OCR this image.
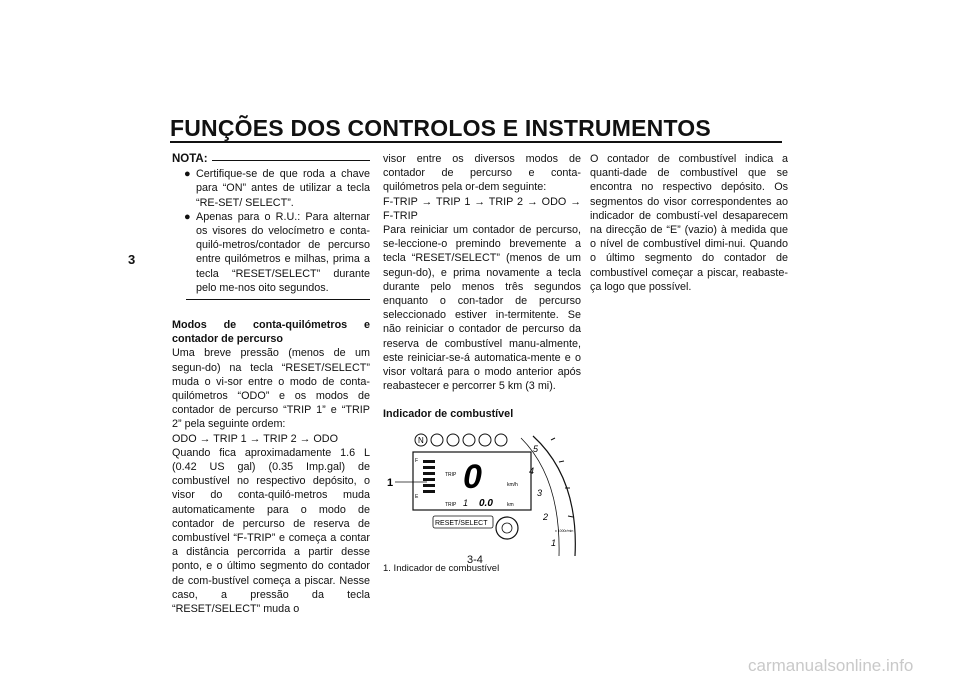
FUNÇÕES DOS CONTROLOS E INSTRUMENTOS
3
NOTA:
● Certifique-se de que roda a chave para “ON” antes de utilizar a tecla “RE-SET/ SELECT”.

● Apenas para o R.U.: Para alternar os visores do velocímetro e conta-quiló-metros/contador de percurso entre quilómetros e milhas, prima a tecla “RESET/SELECT” durante pelo me-nos oito segundos.

Modos de conta-quilómetros e contador de percurso

Uma breve pressão (menos de um segun-do) na tecla “RESET/SELECT” muda o vi-sor entre o modo de conta-quilómetros “ODO” e os modos de contador de percurso “TRIP 1” e “TRIP 2” pela seguinte ordem:

ODO → TRIP 1 → TRIP 2 → ODO

Quando fica aproximadamente 1.6 L (0.42 US gal) (0.35 Imp.gal) de combustível no respectivo depósito, o visor do conta-quiló-metros muda automaticamente para o modo de contador de percurso de reserva de combustível “F-TRIP” e começa a contar a distância percorrida a partir desse ponto, e o último segmento do contador de com-bustível começa a piscar. Nesse caso, a pressão da tecla “RESET/SELECT” muda o

visor entre os diversos modos de contador de percurso e conta-quilómetros pela or-dem seguinte:

F-TRIP → TRIP 1 → TRIP 2 → ODO → F-TRIP

Para reiniciar um contador de percurso, se-leccione-o premindo brevemente a tecla “RESET/SELECT” (menos de um segun-do), e prima novamente a tecla durante pelo menos três segundos enquanto o con-tador de percurso seleccionado estiver in-termitente. Se não reiniciar o contador de percurso da reserva de combustível manu-almente, este reiniciar-se-á automatica-mente e o visor voltará para o modo anterior após reabastecer e percorrer 5 km (3 mi).

Indicador de combustível

5
4
3
2
1
x 1000r/min
N
F
E
TRIP 0	km/h
TRIP 1 0.0	km
1
RESET/SELECT

1. Indicador de combustível

O contador de combustível indica a quanti-dade de combustível que se encontra no respectivo depósito. Os segmentos do visor correspondentes ao indicador de combustí-vel desaparecem na direcção de “E” (vazio) à medida que o nível de combustível dimi-nui. Quando o último segmento do contador de combustível começar a piscar, reabaste-ça logo que possível.

3-4
carmanualsonline.info
